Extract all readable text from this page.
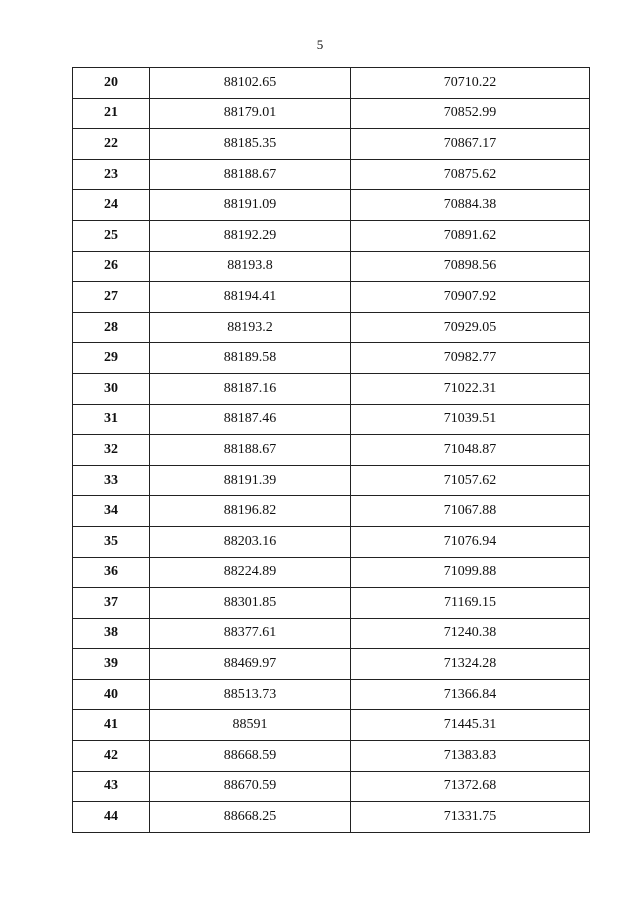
5
20	88102.65	70710.22
21	88179.01	70852.99
22	88185.35	70867.17
23	88188.67	70875.62
24	88191.09	70884.38
25	88192.29	70891.62
26	88193.8	70898.56
27	88194.41	70907.92
28	88193.2	70929.05
29	88189.58	70982.77
30	88187.16	71022.31
31	88187.46	71039.51
32	88188.67	71048.87
33	88191.39	71057.62
34	88196.82	71067.88
35	88203.16	71076.94
36	88224.89	71099.88
37	88301.85	71169.15
38	88377.61	71240.38
39	88469.97	71324.28
40	88513.73	71366.84
41	88591	71445.31
42	88668.59	71383.83
43	88670.59	71372.68
44	88668.25	71331.75
